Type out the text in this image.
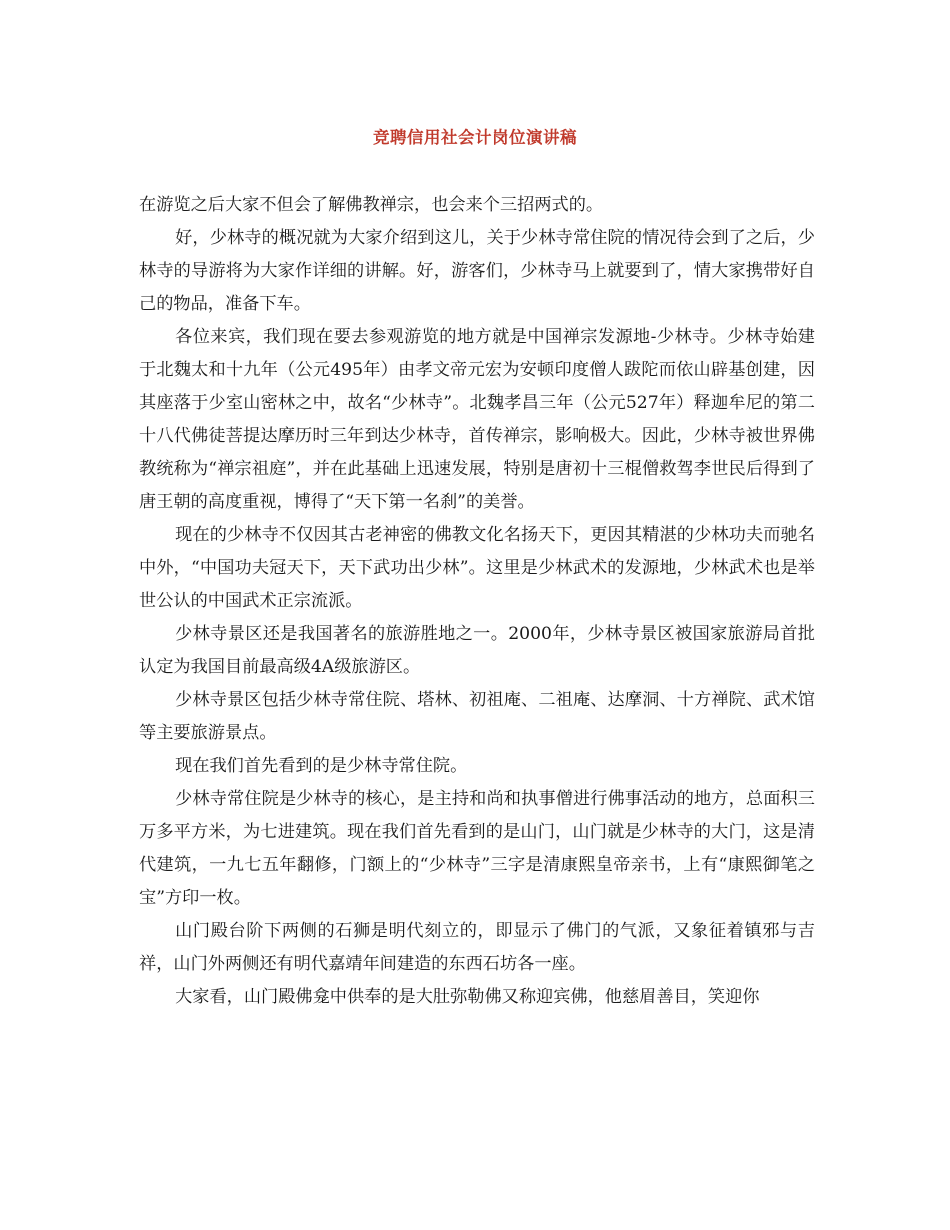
竞聘信用社会计岗位演讲稿

在游览之后大家不但会了解佛教禅宗，也会来个三招两式的。

好，少林寺的概况就为大家介绍到这儿，关于少林寺常住院的情况待会到了之后，少林寺的导游将为大家作详细的讲解。好，游客们，少林寺马上就要到了，情大家携带好自己的物品，准备下车。

各位来宾，我们现在要去参观游览的地方就是中国禅宗发源地-少林寺。少林寺始建于北魏太和十九年（公元495年）由孝文帝元宏为安顿印度僧人跋陀而依山辟基创建，因其座落于少室山密林之中，故名“少林寺”。北魏孝昌三年（公元527年）释迦牟尼的第二十八代佛徒菩提达摩历时三年到达少林寺，首传禅宗，影响极大。因此，少林寺被世界佛教统称为“禅宗祖庭”，并在此基础上迅速发展，特别是唐初十三棍僧救驾李世民后得到了唐王朝的高度重视，博得了“天下第一名刹”的美誉。

现在的少林寺不仅因其古老神密的佛教文化名扬天下，更因其精湛的少林功夫而驰名中外，“中国功夫冠天下，天下武功出少林”。这里是少林武术的发源地，少林武术也是举世公认的中国武术正宗流派。

少林寺景区还是我国著名的旅游胜地之一。2000年，少林寺景区被国家旅游局首批认定为我国目前最高级4A级旅游区。

少林寺景区包括少林寺常住院、塔林、初祖庵、二祖庵、达摩洞、十方禅院、武术馆等主要旅游景点。

现在我们首先看到的是少林寺常住院。

少林寺常住院是少林寺的核心，是主持和尚和执事僧进行佛事活动的地方，总面积三万多平方米，为七进建筑。现在我们首先看到的是山门，山门就是少林寺的大门，这是清代建筑，一九七五年翻修，门额上的“少林寺”三字是清康熙皇帝亲书，上有“康熙御笔之宝”方印一枚。

山门殿台阶下两侧的石狮是明代刻立的，即显示了佛门的气派，又象征着镇邪与吉祥，山门外两侧还有明代嘉靖年间建造的东西石坊各一座。

大家看，山门殿佛龛中供奉的是大肚弥勒佛又称迎宾佛，他慈眉善目，笑迎你
